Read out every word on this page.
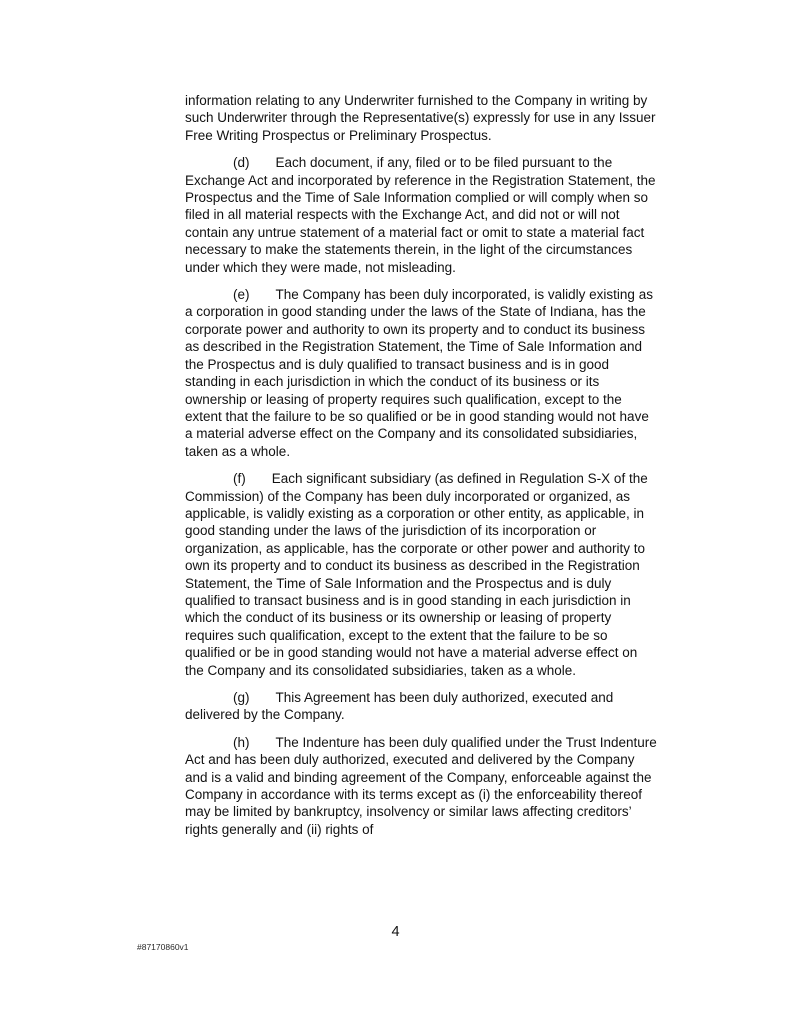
information relating to any Underwriter furnished to the Company in writing by such Underwriter through the Representative(s) expressly for use in any Issuer Free Writing Prospectus or Preliminary Prospectus.

(d) Each document, if any, filed or to be filed pursuant to the Exchange Act and incorporated by reference in the Registration Statement, the Prospectus and the Time of Sale Information complied or will comply when so filed in all material respects with the Exchange Act, and did not or will not contain any untrue statement of a material fact or omit to state a material fact necessary to make the statements therein, in the light of the circumstances under which they were made, not misleading.

(e) The Company has been duly incorporated, is validly existing as a corporation in good standing under the laws of the State of Indiana, has the corporate power and authority to own its property and to conduct its business as described in the Registration Statement, the Time of Sale Information and the Prospectus and is duly qualified to transact business and is in good standing in each jurisdiction in which the conduct of its business or its ownership or leasing of property requires such qualification, except to the extent that the failure to be so qualified or be in good standing would not have a material adverse effect on the Company and its consolidated subsidiaries, taken as a whole.

(f) Each significant subsidiary (as defined in Regulation S-X of the Commission) of the Company has been duly incorporated or organized, as applicable, is validly existing as a corporation or other entity, as applicable, in good standing under the laws of the jurisdiction of its incorporation or organization, as applicable, has the corporate or other power and authority to own its property and to conduct its business as described in the Registration Statement, the Time of Sale Information and the Prospectus and is duly qualified to transact business and is in good standing in each jurisdiction in which the conduct of its business or its ownership or leasing of property requires such qualification, except to the extent that the failure to be so qualified or be in good standing would not have a material adverse effect on the Company and its consolidated subsidiaries, taken as a whole.

(g) This Agreement has been duly authorized, executed and delivered by the Company.

(h) The Indenture has been duly qualified under the Trust Indenture Act and has been duly authorized, executed and delivered by the Company and is a valid and binding agreement of the Company, enforceable against the Company in accordance with its terms except as (i) the enforceability thereof may be limited by bankruptcy, insolvency or similar laws affecting creditors’ rights generally and (ii) rights of

4
#87170860v1
